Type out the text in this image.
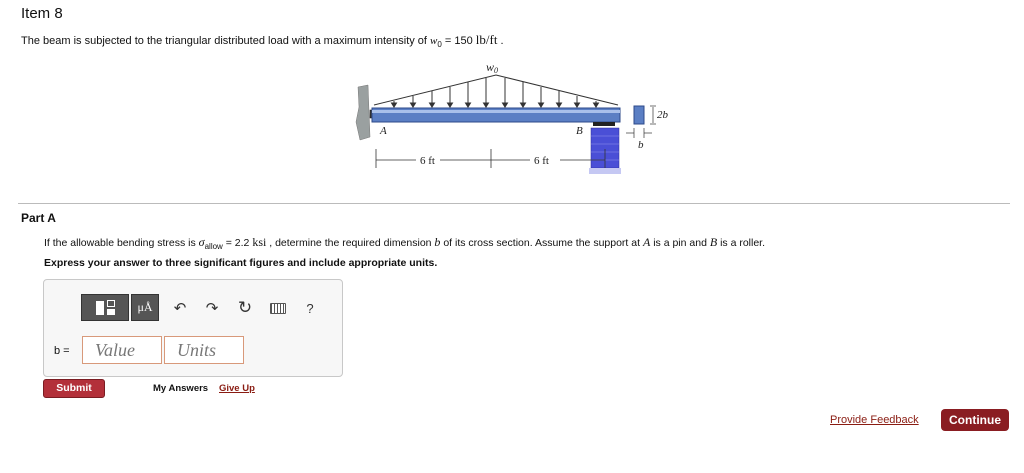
Item 8
The beam is subjected to the triangular distributed load with a maximum intensity of $w_0 = 150$ lb/ft .
w0
A	B
6 ft	6 ft
2b
b
Part A
If the allowable bending stress is $\sigma_{allow} = 2.2$ ksi , determine the required dimension b of its cross section. Assume the support at A is a pin and B is a roller.
Express your answer to three significant figures and include appropriate units.
μÅ	↶ ↷ ↻	?
b =	Value	Units
Submit	My Answers Give Up
Provide Feedback	Continue
